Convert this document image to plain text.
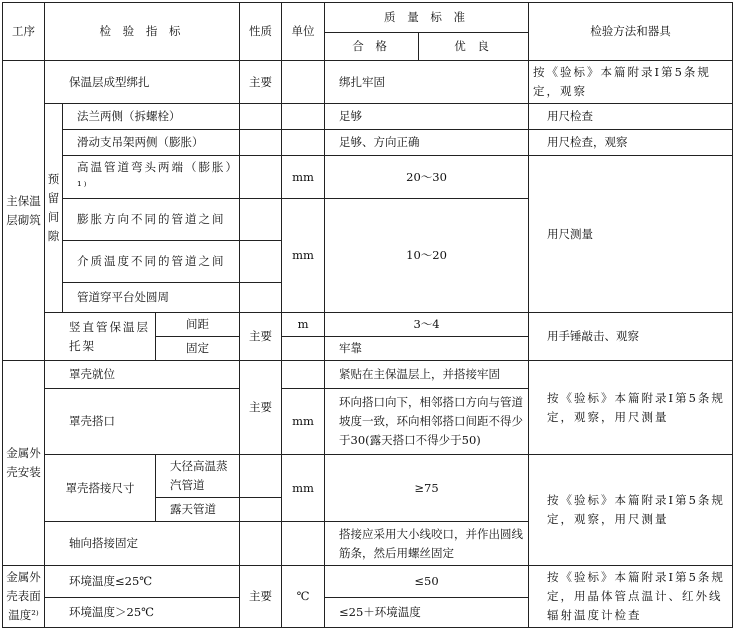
工序	检 验 指 标			性质	单位	质 量 标 准		检验方法和器具
						合 格	优 良	
主保温层砌筑	保温层成型绑扎			主要		绑扎牢固		按《验标》本篇附录Ⅰ第5条规定，观察
	预留间隙	法兰两侧（拆螺栓）				足够		用尺检查
		滑动支吊架两侧（膨胀）				足够、方向正确		用尺检查，观察
		高温管道弯头两端（膨胀）¹⁾			mm	20～30		用尺测量
		膨胀方向不同的管道之间			mm	10～20		
		介质温度不同的管道之间						
		管道穿平台处圆周						
	竖直管保温层托架		间距	主要	m	3～4		用手锤敲击、观察
			固定			牢靠		

金属外壳安装	罩壳就位			主要		紧贴在主保温层上，并搭接牢固		按《验标》本篇附录Ⅰ第5条规定，观察，用尺测量
	罩壳搭口				mm	环向搭口向下，相邻搭口方向与管道坡度一致，环向相邻搭口间距不得少于30(露天搭口不得少于50)		
	罩壳搭接尺寸		大径高温蒸汽管道		mm	≥75		按《验标》本篇附录Ⅰ第5条规定，观察，用尺测量
			露天管道					
	轴向搭接固定					搭接应采用大小线咬口，并作出圆线筋条，然后用螺丝固定		
金属外壳表面温度²⁾	环境温度≤25℃			主要	℃	≤50		按《验标》本篇附录Ⅰ第5条规定，用晶体管点温计、红外线辐射温度计检查
	环境温度＞25℃					≤25＋环境温度		
